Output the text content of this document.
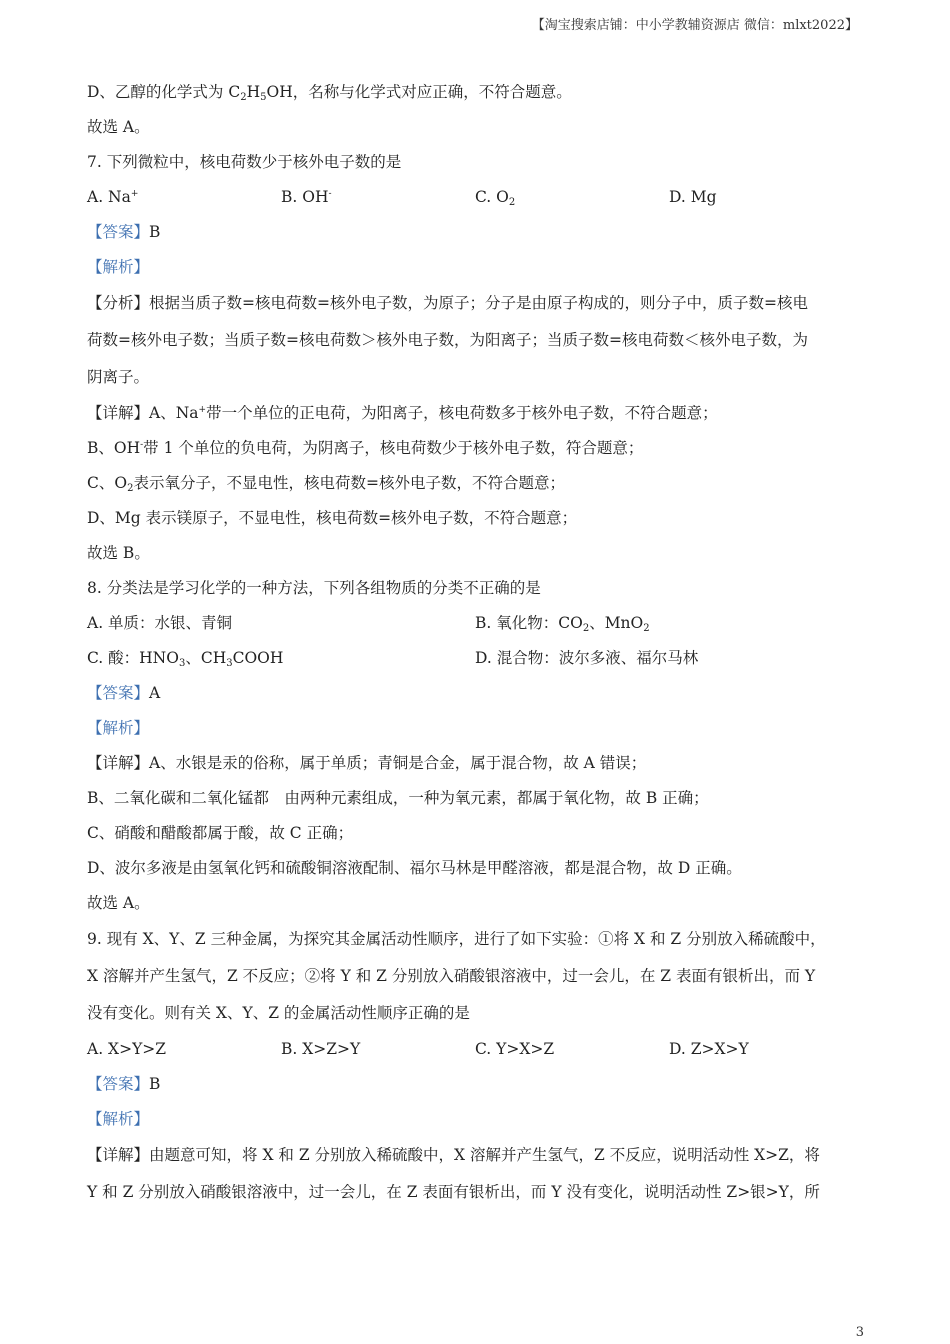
【淘宝搜索店铺：中小学教辅资源店 微信：mlxt2022】
D、乙醇的化学式为 $C_2H_5OH$，名称与化学式对应正确，不符合题意。
故选 A。
7. 下列微粒中，核电荷数少于核外电子数的是
A. Na+	B. OH-	C. $O_2$	D. Mg
【答案】B
【解析】
【分析】根据当质子数=核电荷数=核外电子数，为原子；分子是由原子构成的，则分子中，质子数=核电
荷数=核外电子数；当质子数=核电荷数＞核外电子数，为阳离子；当质子数=核电荷数＜核外电子数，为
阴离子。
【详解】A、Na+带一个单位的正电荷，为阳离子，核电荷数多于核外电子数，不符合题意；
B、OH-带 1 个单位的负电荷，为阴离子，核电荷数少于核外电子数，符合题意；
C、$O_2$表示氧分子，不显电性，核电荷数=核外电子数，不符合题意；
D、Mg 表示镁原子，不显电性，核电荷数=核外电子数，不符合题意；
故选 B。
8. 分类法是学习化学的一种方法，下列各组物质的分类不正确的是
A. 单质：水银、青铜	B. 氧化物：$CO_2$、MnO$_2$
C. 酸：$HNO_3$、$CH_3COOH$	D. 混合物：波尔多液、福尔马林
【答案】A
【解析】
【详解】A、水银是汞的俗称，属于单质；青铜是合金，属于混合物，故 A 错误；
B、二氧化碳和二氧化锰都　由两种元素组成，一种为氧元素，都属于氧化物，故 B 正确；
C、硝酸和醋酸都属于酸，故 C 正确；
D、波尔多液是由氢氧化钙和硫酸铜溶液配制、福尔马林是甲醛溶液，都是混合物，故 D 正确。
故选 A。
9. 现有 X、Y、Z 三种金属，为探究其金属活动性顺序，进行了如下实验：①将 X 和 Z 分别放入稀硫酸中，
X 溶解并产生氢气，Z 不反应；②将 Y 和 Z 分别放入硝酸银溶液中，过一会儿，在 Z 表面有银析出，而 Y
没有变化。则有关 X、Y、Z 的金属活动性顺序正确的是
A. X>Y>Z	B. X>Z>Y	C. Y>X>Z	D. Z>X>Y
【答案】B
【解析】
【详解】由题意可知，将 X 和 Z 分别放入稀硫酸中，X 溶解并产生氢气，Z 不反应，说明活动性 X>Z，将
Y 和 Z 分别放入硝酸银溶液中，过一会儿，在 Z 表面有银析出，而 Y 没有变化，说明活动性 Z>银>Y，所
3
